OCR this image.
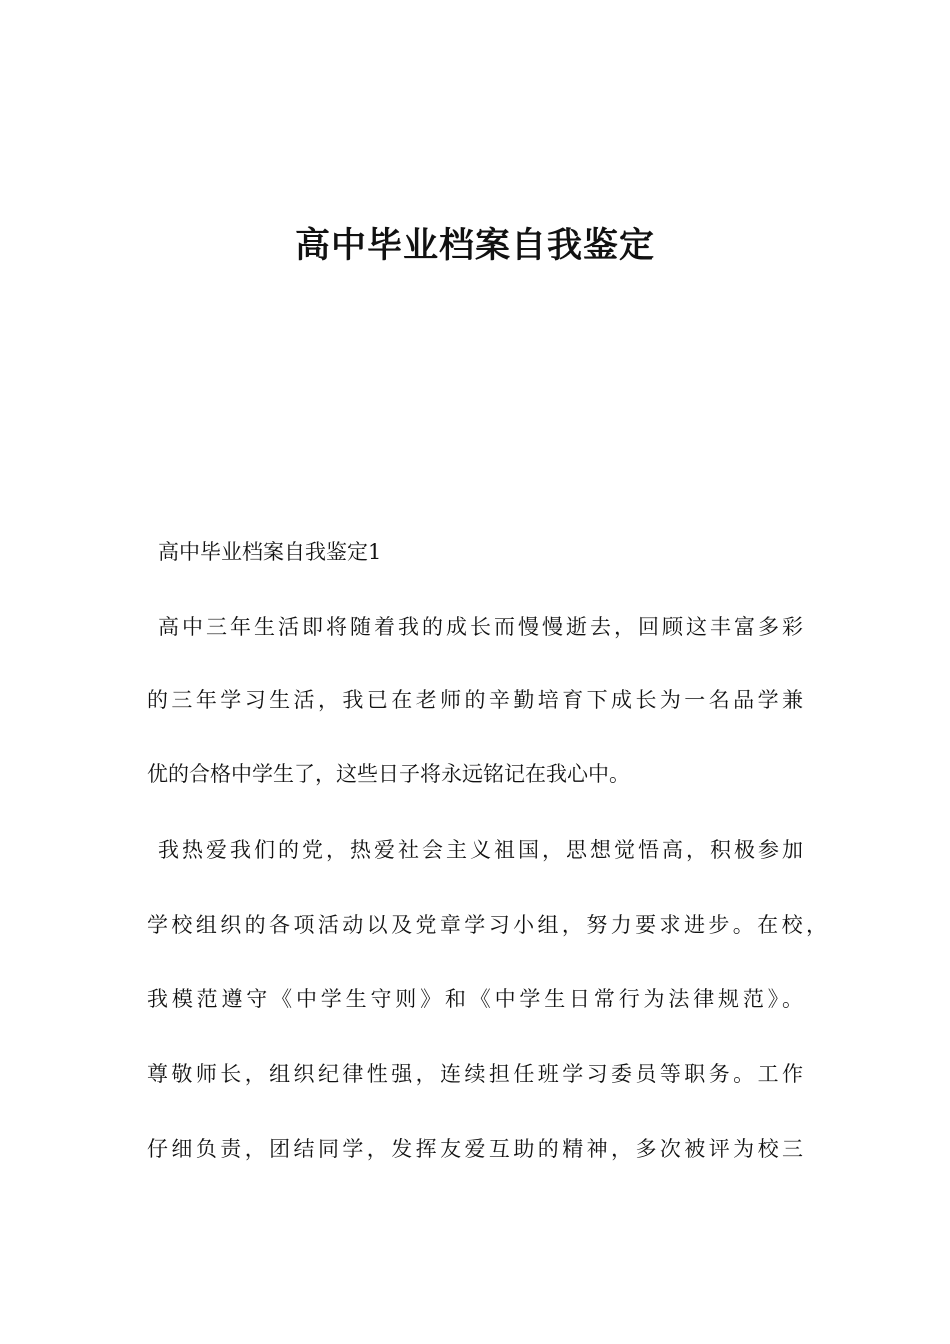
高中毕业档案自我鉴定

高中毕业档案自我鉴定1

高中三年生活即将随着我的成长而慢慢逝去，回顾这丰富多彩

的三年学习生活，我已在老师的辛勤培育下成长为一名品学兼

优的合格中学生了，这些日子将永远铭记在我心中。

我热爱我们的党，热爱社会主义祖国，思想觉悟高，积极参加

学校组织的各项活动以及党章学习小组，努力要求进步。在校，

我模范遵守《中学生守则》和《中学生日常行为法律规范》。

尊敬师长，组织纪律性强，连续担任班学习委员等职务。工作

仔细负责，团结同学，发挥友爱互助的精神，多次被评为校三
